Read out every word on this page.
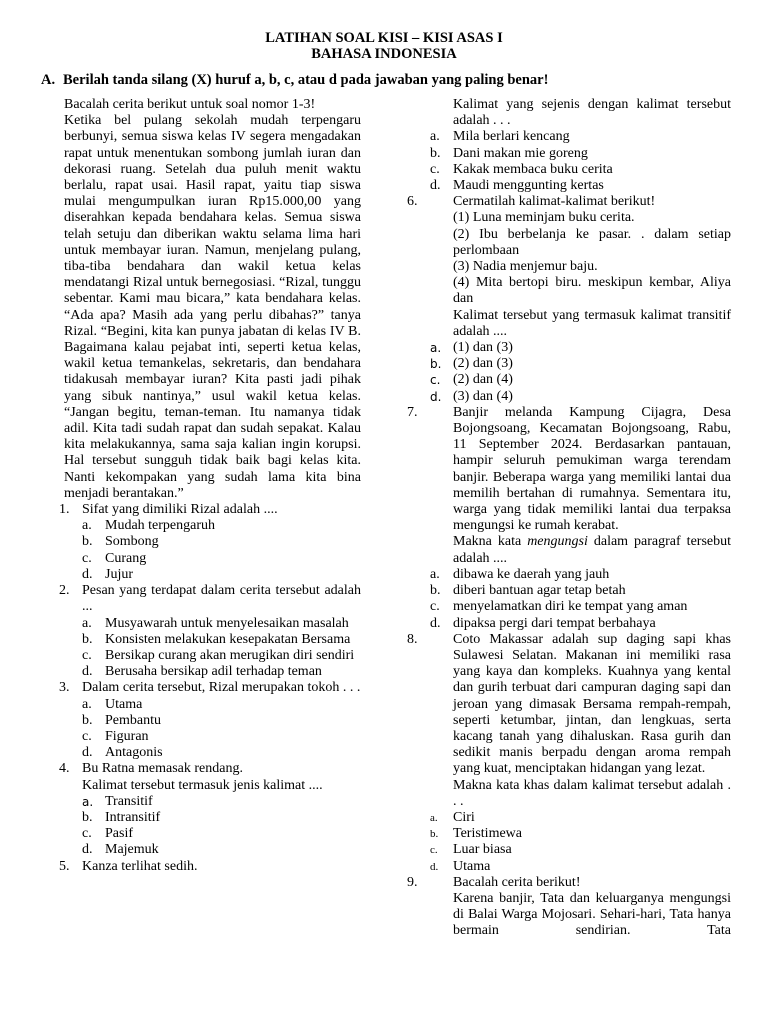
LATIHAN SOAL KISI – KISI ASAS I
BAHASA INDONESIA
A. Berilah tanda silang (X) huruf a, b, c, atau d pada jawaban yang paling benar!

Bacalah cerita berikut untuk soal nomor 1-3!

Ketika bel pulang sekolah mudah terpengaru berbunyi, semua siswa kelas IV segera mengadakan rapat untuk menentukan sombong jumlah iuran dan dekorasi ruang. Setelah dua puluh menit waktu berlalu, rapat usai. Hasil rapat, yaitu tiap siswa mulai mengumpulkan iuran Rp15.000,00 yang diserahkan kepada bendahara kelas. Semua siswa telah setuju dan diberikan waktu selama lima hari untuk membayar iuran. Namun, menjelang pulang, tiba-tiba bendahara dan wakil ketua kelas mendatangi Rizal untuk bernegosiasi. “Rizal, tunggu sebentar. Kami mau bicara,” kata bendahara kelas. “Ada apa? Masih ada yang perlu dibahas?” tanya Rizal. “Begini, kita kan punya jabatan di kelas IV B. Bagaimana kalau pejabat inti, seperti ketua kelas, wakil ketua temankelas, sekretaris, dan bendahara tidakusah membayar iuran? Kita pasti jadi pihak yang sibuk nantinya,” usul wakil ketua kelas. “Jangan begitu, teman-teman. Itu namanya tidak adil. Kita tadi sudah rapat dan sudah sepakat. Kalau kita melakukannya, sama saja kalian ingin korupsi. Hal tersebut sungguh tidak baik bagi kelas kita. Nanti kekompakan yang sudah lama kita bina menjadi berantakan.”

1. Sifat yang dimiliki Rizal adalah ....
a. Mudah terpengaruh
b. Sombong
c. Curang
d. Jujur
2. Pesan yang terdapat dalam cerita tersebut adalah ...
a. Musyawarah untuk menyelesaikan masalah
b. Konsisten melakukan kesepakatan Bersama
c. Bersikap curang akan merugikan diri sendiri
d. Berusaha bersikap adil terhadap teman
3. Dalam cerita tersebut, Rizal merupakan tokoh . . .
a. Utama
b. Pembantu
c. Figuran
d. Antagonis
4. Bu Ratna memasak rendang.
Kalimat tersebut termasuk jenis kalimat ....
a. Transitif
b. Intransitif
c. Pasif
d. Majemuk
5. Kanza terlihat sedih.
Kalimat yang sejenis dengan kalimat tersebut adalah . . .
a. Mila berlari kencang
b. Dani makan mie goreng
c. Kakak membaca buku cerita
d. Maudi menggunting kertas
6.	Cermatilah kalimat-kalimat berikut!
(1) Luna meminjam buku cerita.
(2) Ibu berbelanja ke pasar. . dalam setiap perlombaan
(3) Nadia menjemur baju.
(4) Mita bertopi biru. meskipun kembar, Aliya dan
Kalimat tersebut yang termasuk kalimat transitif adalah ....
a. (1) dan (3)
b. (2) dan (3)
c. (2) dan (4)
d. (3) dan (4)
7.	Banjir melanda Kampung Cijagra, Desa Bojongsoang, Kecamatan Bojongsoang, Rabu, 11 September 2024. Berdasarkan pantauan, hampir seluruh pemukiman warga terendam banjir. Beberapa warga yang memiliki lantai dua memilih bertahan di rumahnya. Sementara itu, warga yang tidak memiliki lantai dua terpaksa mengungsi ke rumah kerabat.
Makna kata mengungsi dalam paragraf tersebut adalah ....
a. dibawa ke daerah yang jauh
b. diberi bantuan agar tetap betah
c. menyelamatkan diri ke tempat yang aman
d. dipaksa pergi dari tempat berbahaya
8.	Coto Makassar adalah sup daging sapi khas Sulawesi Selatan. Makanan ini memiliki rasa yang kaya dan kompleks. Kuahnya yang kental dan gurih terbuat dari campuran daging sapi dan jeroan yang dimasak Bersama rempah-rempah, seperti ketumbar, jintan, dan lengkuas, serta kacang tanah yang dihaluskan. Rasa gurih dan sedikit manis berpadu dengan aroma rempah yang kuat, menciptakan hidangan yang lezat.
Makna kata khas dalam kalimat tersebut adalah . . .
a. Ciri
b. Teristimewa
c. Luar biasa
d. Utama
9.	Bacalah cerita berikut!
Karena banjir, Tata dan keluarganya mengungsi di Balai Warga Mojosari. Sehari-hari, Tata hanya bermain sendirian. Tata
